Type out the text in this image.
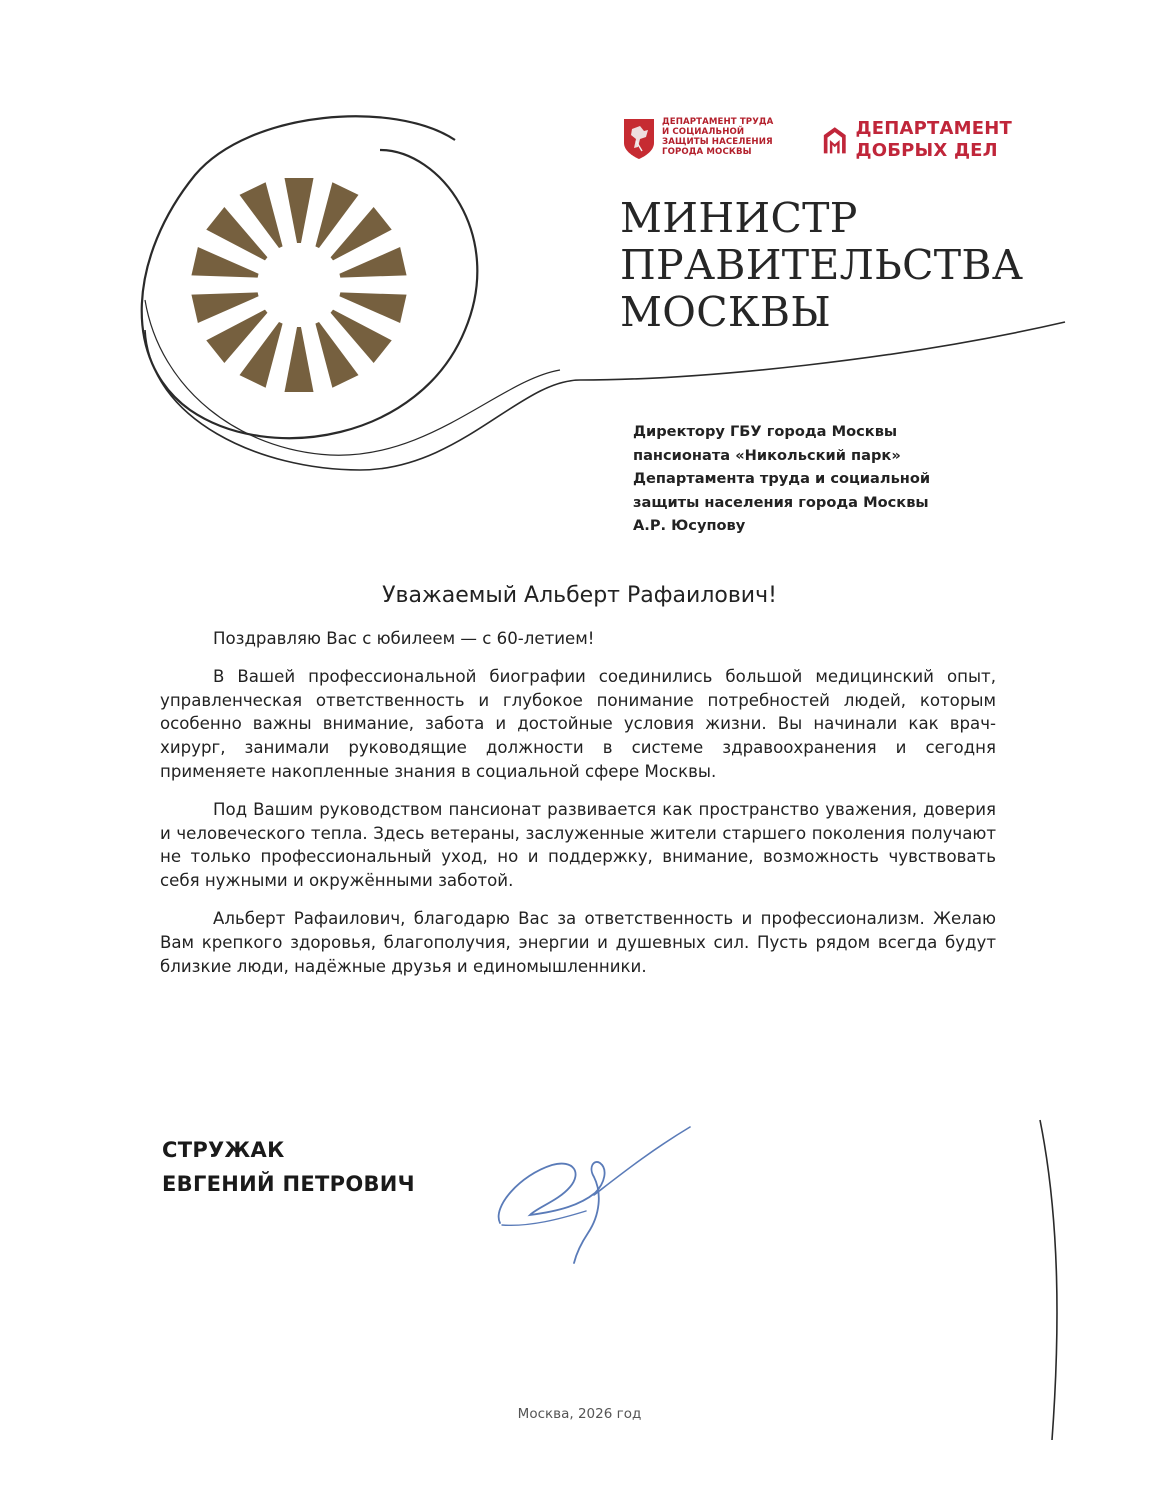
ДЕПАРТАМЕНТ ТРУДА
И СОЦИАЛЬНОЙ
ЗАЩИТЫ НАСЕЛЕНИЯ
ГОРОДА МОСКВЫ
ДЕПАРТАМЕНТ
ДОБРЫХ ДЕЛ
МИНИСТР
ПРАВИТЕЛЬСТВА
МОСКВЫ
Директору ГБУ города Москвы
пансионата «Никольский парк»
Департамента труда и социальной
защиты населения города Москвы
А.Р. Юсупову
Уважаемый Альберт Рафаилович!

Поздравляю Вас с юбилеем — с 60-летием!

В Вашей профессиональной биографии соединились большой медицинский опыт, управленческая ответственность и глубокое понимание потребностей людей, которым особенно важны внимание, забота и достойные условия жизни. Вы начинали как врач-хирург, занимали руководящие должности в системе здравоохранения и сегодня применяете накопленные знания в социальной сфере Москвы.

Под Вашим руководством пансионат развивается как пространство уважения, доверия и человеческого тепла. Здесь ветераны, заслуженные жители старшего поколения получают не только профессиональный уход, но и поддержку, внимание, возможность чувствовать себя нужными и окружёнными заботой.

Альберт Рафаилович, благодарю Вас за ответственность и профессионализм. Желаю Вам крепкого здоровья, благополучия, энергии и душевных сил. Пусть рядом всегда будут близкие люди, надёжные друзья и единомышленники.

СТРУЖАК
ЕВГЕНИЙ ПЕТРОВИЧ
Москва, 2026 год
